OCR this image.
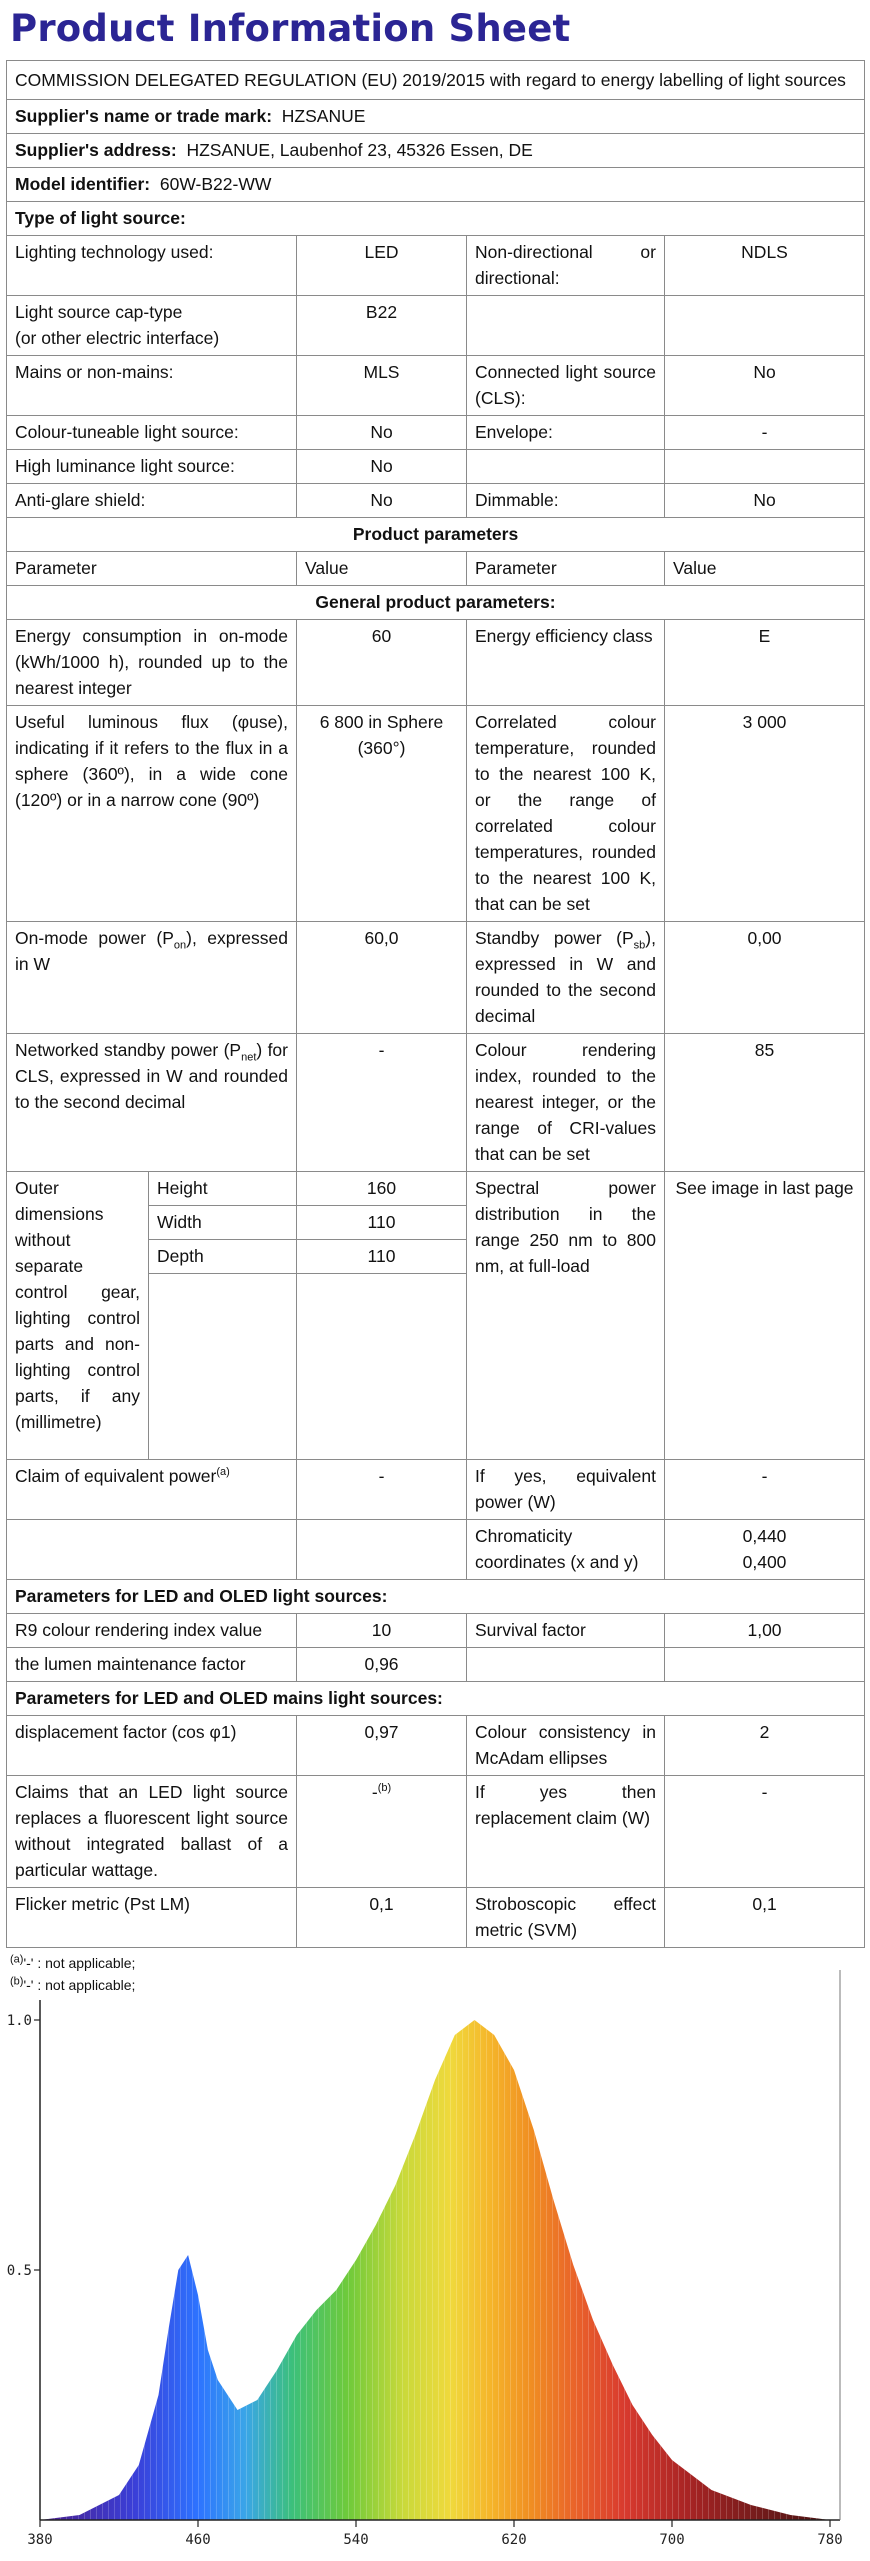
Product Information Sheet
COMMISSION DELEGATED REGULATION (EU) 2019/2015 with regard to energy labelling of light sources				
Supplier's name or trade mark: HZSANUE				
Supplier's address: HZSANUE, Laubenhof 23, 45326 Essen, DE				
Model identifier: 60W-B22-WW				
Type of light source:				
Lighting technology used:		LED	Non-directional or directional:	NDLS

Light source cap-type
(or other electric interface)		B22		
Mains or non-mains:		MLS	Connected light source (CLS):	No
Colour-tuneable light source:		No	Envelope:	-
High luminance light source:		No		
Anti-glare shield:		No	Dimmable:	No
Product parameters				
Parameter		Value	Parameter	Value
General product parameters:				
Energy consumption in on-mode (kWh/1000 h), rounded up to the nearest integer		60	Energy efficiency class	E
Useful luminous flux (φuse), indicating if it refers to the flux in a sphere (360º), in a wide cone (120º) or in a narrow cone (90º)		6 800 in Sphere (360°)	Correlated colour temperature, rounded to the nearest 100 K, or the range of correlated colour temperatures, rounded to the nearest 100 K, that can be set	3 000
On-mode power $(P_{on})$, expressed in W		60,0	Standby power $(P_{sb})$, expressed in W and rounded to the second decimal	0,00
Networked standby power $(P_{net})$ for CLS, expressed in W and rounded to the second decimal		-	Colour rendering index, rounded to the nearest integer, or the range of CRI-values that can be set	85
Outer dimensions without separate control gear, lighting control parts and non-lighting control parts, if any (millimetre)	Height	160	Spectral power distribution in the range 250 nm to 800 nm, at full-load	See image in last page
	Width	110		
	Depth	110		

Claim of equivalent power$^{(a)}$		-	If yes, equivalent power (W)	-
			Chromaticity coordinates (x and y)	0,440
0,400

Parameters for LED and OLED light sources:				
R9 colour rendering index value		10	Survival factor	1,00
the lumen maintenance factor		0,96		
Parameters for LED and OLED mains light sources:				
displacement factor (cos φ1)		0,97	Colour consistency in McAdam ellipses	2
Claims that an LED light source replaces a fluorescent light source without integrated ballast of a particular wattage.		-$^{(b)}$	If yes then replacement claim (W)	-
Flicker metric (Pst LM)		0,1	Stroboscopic effect metric (SVM)	0,1
$^{(a)}$'-' : not applicable;
$^{(b)}$'-' : not applicable;
380	460	540	620	700	780
0.5
1.0
